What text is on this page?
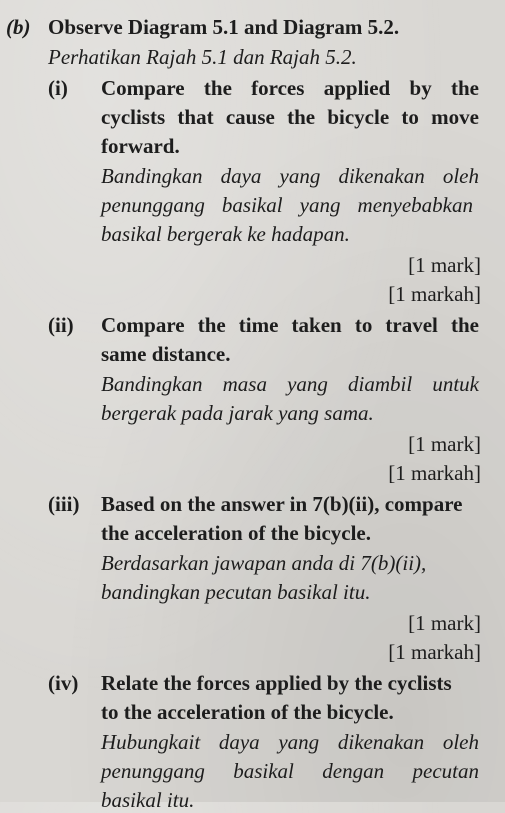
(b) Observe Diagram 5.1 and Diagram 5.2.
Perhatikan Rajah 5.1 dan Rajah 5.2.
(i) Compare the forces applied by the
cyclists that cause the bicycle to move
forward.
Bandingkan daya yang dikenakan oleh
penunggang basikal yang menyebabkan
basikal bergerak ke hadapan.
[1 mark]
[1 markah]
(ii) Compare the time taken to travel the
same distance.
Bandingkan masa yang diambil untuk
bergerak pada jarak yang sama.
[1 mark]
[1 markah]
(iii) Based on the answer in 7(b)(ii), compare
the acceleration of the bicycle.
Berdasarkan jawapan anda di 7(b)(ii),
bandingkan pecutan basikal itu.
[1 mark]
[1 markah]
(iv) Relate the forces applied by the cyclists
to the acceleration of the bicycle.
Hubungkait daya yang dikenakan oleh
penunggang basikal dengan pecutan
basikal itu.
